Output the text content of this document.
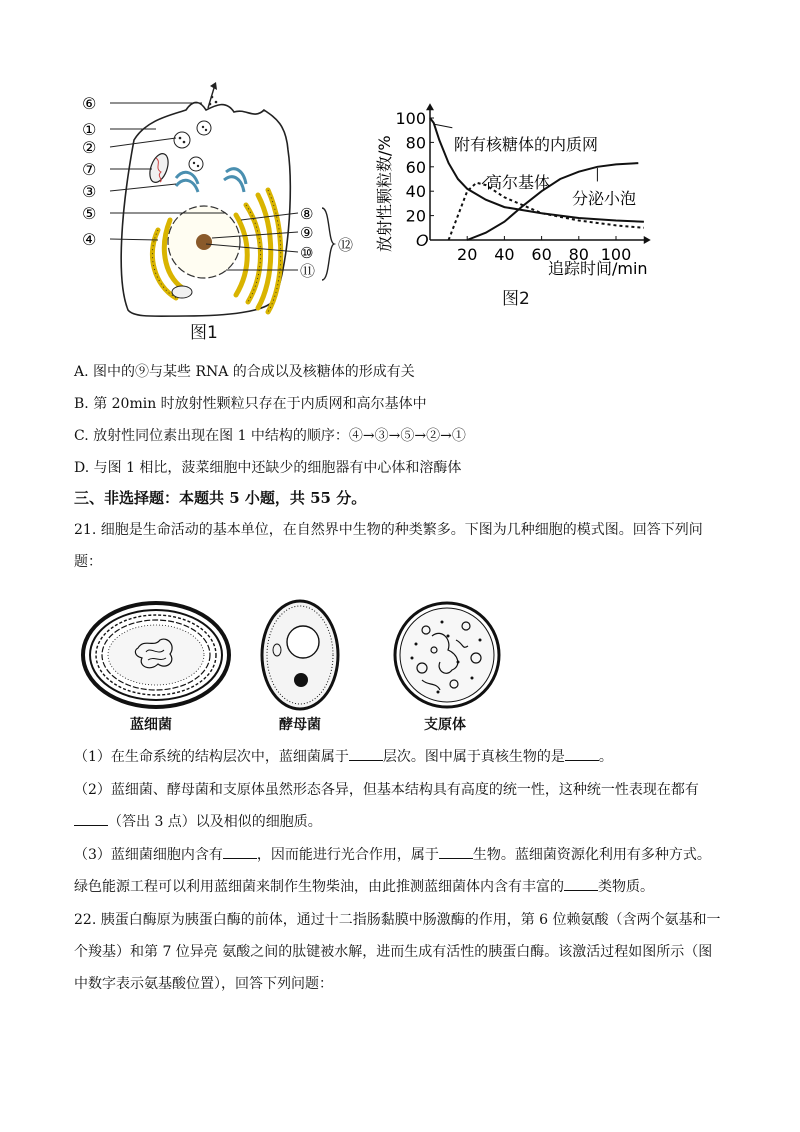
⑥
①
②
⑦
③
⑤
④
⑧
⑨
⑩
⑪
⑫
图1
放射性颗粒数/% O
100
80
60
40
20
20 40 60 80 100
附有核糖体的内质网
高尔基体
分泌小泡
追踪时间/min
图2
A. 图中的⑨与某些 RNA 的合成以及核糖体的形成有关
B. 第 20min 时放射性颗粒只存在于内质网和高尔基体中
C. 放射性同位素出现在图 1 中结构的顺序：④→③→⑤→②→①
D. 与图 1 相比，菠菜细胞中还缺少的细胞器有中心体和溶酶体
三、非选择题：本题共 5 小题，共 55 分。
21. 细胞是生命活动的基本单位，在自然界中生物的种类繁多。下图为几种细胞的模式图。回答下列问
题：
蓝细菌	酵母菌	支原体
（1）在生命系统的结构层次中，蓝细菌属于 层次。图中属于真核生物的是 。
（2）蓝细菌、酵母菌和支原体虽然形态各异，但基本结构具有高度的统一性，这种统一性表现在都有
（答出 3 点）以及相似的细胞质。
（3）蓝细菌细胞内含有 ，因而能进行光合作用，属于 生物。蓝细菌资源化利用有多种方式。
绿色能源工程可以利用蓝细菌来制作生物柴油，由此推测蓝细菌体内含有丰富的 类物质。
22. 胰蛋白酶原为胰蛋白酶的前体，通过十二指肠黏膜中肠激酶的作用，第 6 位赖氨酸（含两个氨基和一
个羧基）和第 7 位异亮 氨酸之间的肽键被水解，进而生成有活性的胰蛋白酶。该激活过程如图所示（图
中数字表示氨基酸位置），回答下列问题：
